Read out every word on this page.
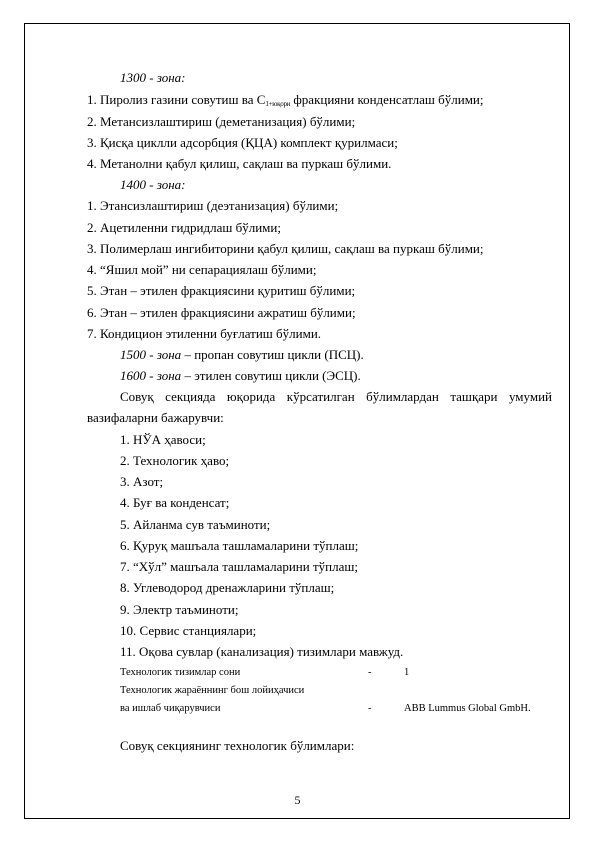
1300 - зона:
1. Пиролиз газини совутиш ва $С_{1+юқори}$ фракцияни конденсатлаш бўлими;
2. Метансизлаштириш (деметанизация) бўлими;
3. Қисқа циклли адсорбция (ҚЦА) комплект қурилмаси;
4. Метанолни қабул қилиш, сақлаш ва пуркаш бўлими.
1400 - зона:
1. Этансизлаштириш (деэтанизация) бўлими;
2. Ацетиленни гидридлаш бўлими;
3. Полимерлаш ингибиторини қабул қилиш, сақлаш ва пуркаш бўлими;
4. “Яшил мой” ни сепарациялаш бўлими;
5. Этан – этилен фракциясини қуритиш бўлими;
6. Этан – этилен фракциясини ажратиш бўлими;
7. Кондицион этиленни буғлатиш бўлими.
1500 - зона – пропан совутиш цикли (ПСЦ).
1600 - зона – этилен совутиш цикли (ЭСЦ).
Совуқ секцияда юқорида кўрсатилган бўлимлардан ташқари умумий
вазифаларни бажарувчи:
1. НЎА ҳавоси;
2. Технологик ҳаво;
3. Азот;
4. Буғ ва конденсат;
5. Айланма сув таъминоти;
6. Қуруқ машъала ташламаларини тўплаш;
7. “Хўл” машъала ташламаларини тўплаш;
8. Углеводород дренажларини тўплаш;
9. Электр таъминоти;
10. Сервис станциялари;
11. Оқова сувлар (канализация) тизимлари мавжуд.
Технологик тизимлар сони	-	1
Технологик жараённинг бош лойиҳачиси
ва ишлаб чиқарувчиси	-	ABB Lummus Global GmbH.
Совуқ секциянинг технологик бўлимлари:
5
